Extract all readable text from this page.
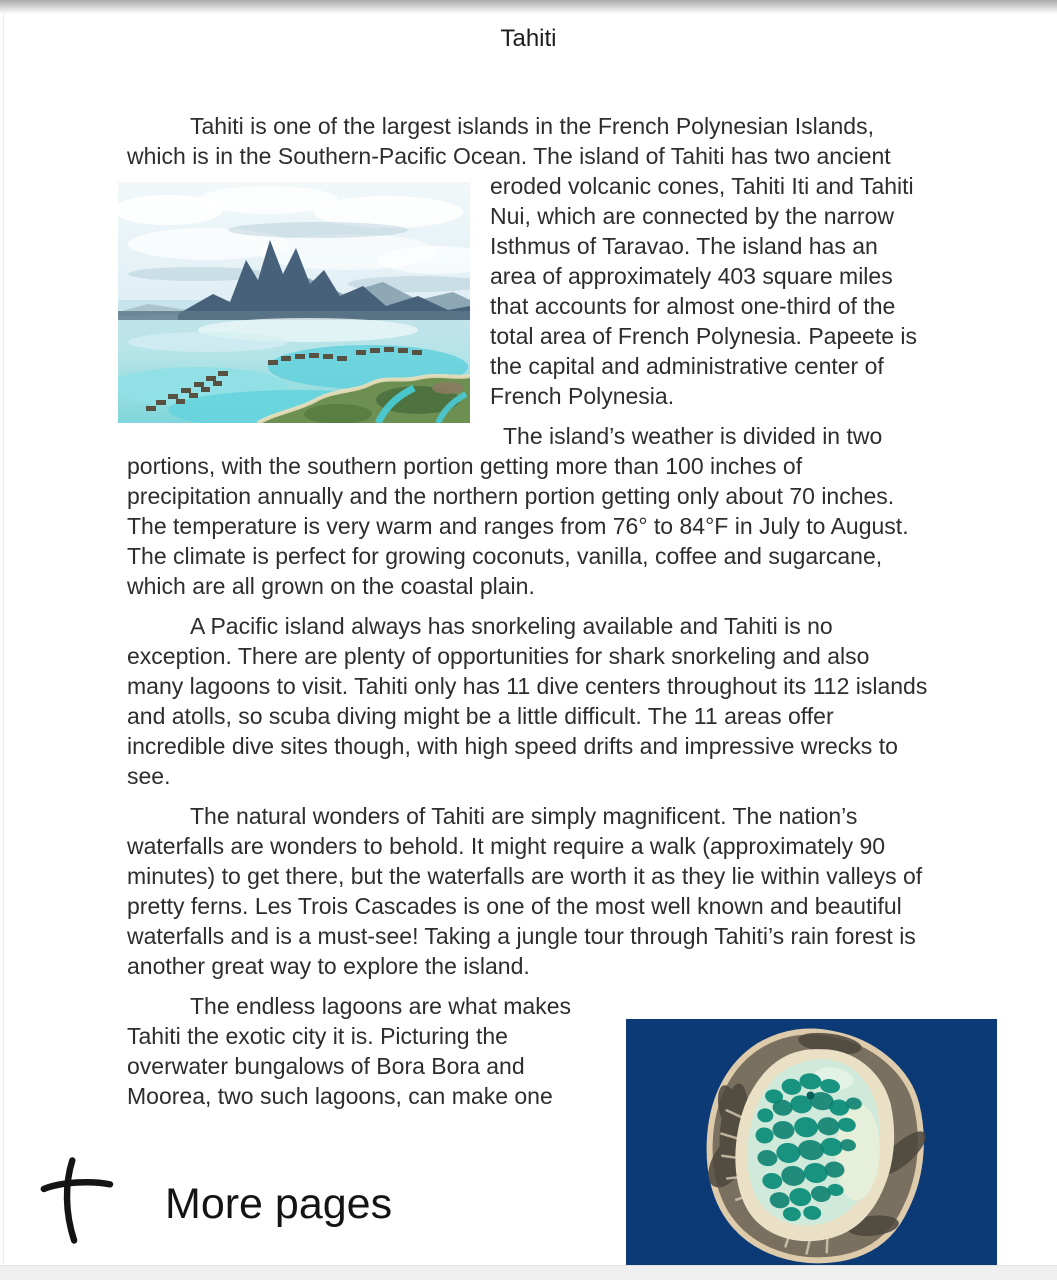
Tahiti

Tahiti is one of the largest islands in the French Polynesian Islands, which is in the Southern-Pacific Ocean. The island of Tahiti has two ancient
eroded volcanic cones, Tahiti Iti and Tahiti Nui, which are connected by the narrow Isthmus of Taravao. The island has an area of approximately 403 square miles that accounts for almost one-third of the total area of French Polynesia. Papeete is the capital and administrative center of French Polynesia.

The island’s weather is divided in two portions, with the southern portion getting more than 100 inches of precipitation annually and the northern portion getting only about 70 inches. The temperature is very warm and ranges from 76° to 84°F in July to August. The climate is perfect for growing coconuts, vanilla, coffee and sugarcane, which are all grown on the coastal plain.

A Pacific island always has snorkeling available and Tahiti is no exception. There are plenty of opportunities for shark snorkeling and also many lagoons to visit. Tahiti only has 11 dive centers throughout its 112 islands and atolls, so scuba diving might be a little difficult. The 11 areas offer incredible dive sites though, with high speed drifts and impressive wrecks to see.

The natural wonders of Tahiti are simply magnificent. The nation’s waterfalls are wonders to behold. It might require a walk (approximately 90 minutes) to get there, but the waterfalls are worth it as they lie within valleys of pretty ferns. Les Trois Cascades is one of the most well known and beautiful waterfalls and is a must-see! Taking a jungle tour through Tahiti’s rain forest is another great way to explore the island.

The endless lagoons are what makes Tahiti the exotic city it is. Picturing the overwater bungalows of Bora Bora and Moorea, two such lagoons, can make one

More pages
